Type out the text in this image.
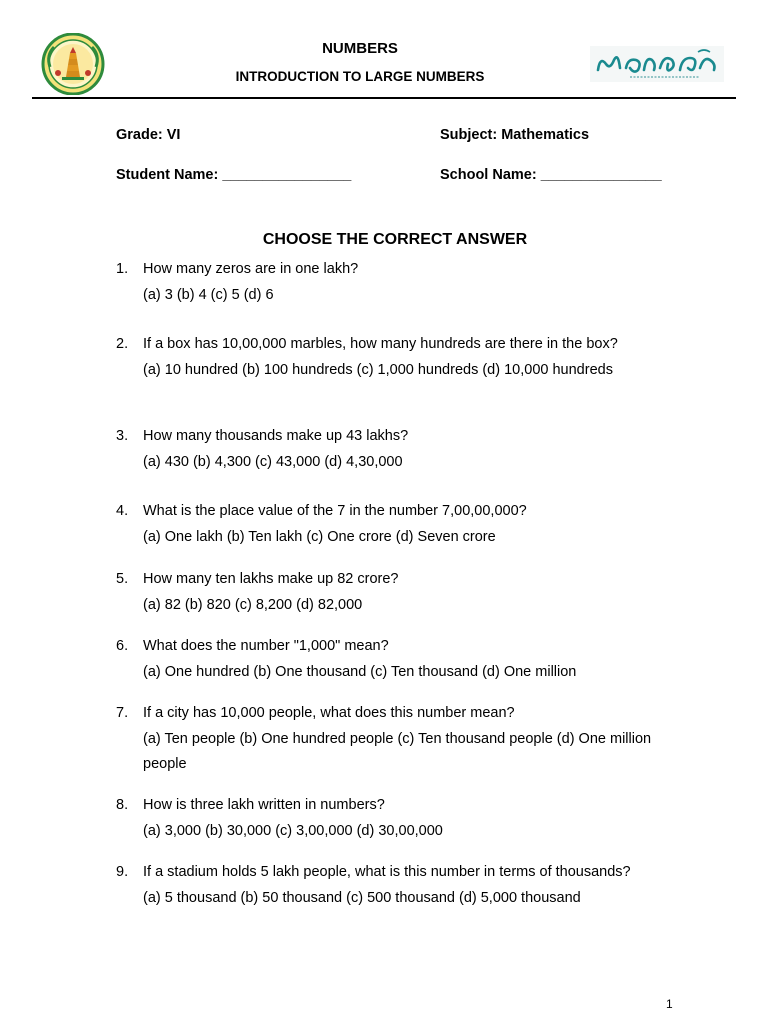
NUMBERS
INTRODUCTION TO LARGE NUMBERS
Grade: VI	Subject: Mathematics
Student Name: ________________	School Name: _______________
CHOOSE THE CORRECT ANSWER
1. How many zeros are in one lakh?
(a) 3 (b) 4 (c) 5 (d) 6
2. If a box has 10,00,000 marbles, how many hundreds are there in the box?
(a) 10 hundred (b) 100 hundreds (c) 1,000 hundreds (d) 10,000 hundreds
3. How many thousands make up 43 lakhs?
(a) 430 (b) 4,300 (c) 43,000 (d) 4,30,000
4. What is the place value of the 7 in the number 7,00,00,000?
(a) One lakh (b) Ten lakh (c) One crore (d) Seven crore
5. How many ten lakhs make up 82 crore?
(a) 82 (b) 820 (c) 8,200 (d) 82,000
6. What does the number "1,000" mean?
(a) One hundred (b) One thousand (c) Ten thousand (d) One million
7. If a city has 10,000 people, what does this number mean?
(a) Ten people (b) One hundred people (c) Ten thousand people (d) One million people
8. How is three lakh written in numbers?
(a) 3,000 (b) 30,000 (c) 3,00,000 (d) 30,00,000
9. If a stadium holds 5 lakh people, what is this number in terms of thousands?
(a) 5 thousand (b) 50 thousand (c) 500 thousand (d) 5,000 thousand
1
